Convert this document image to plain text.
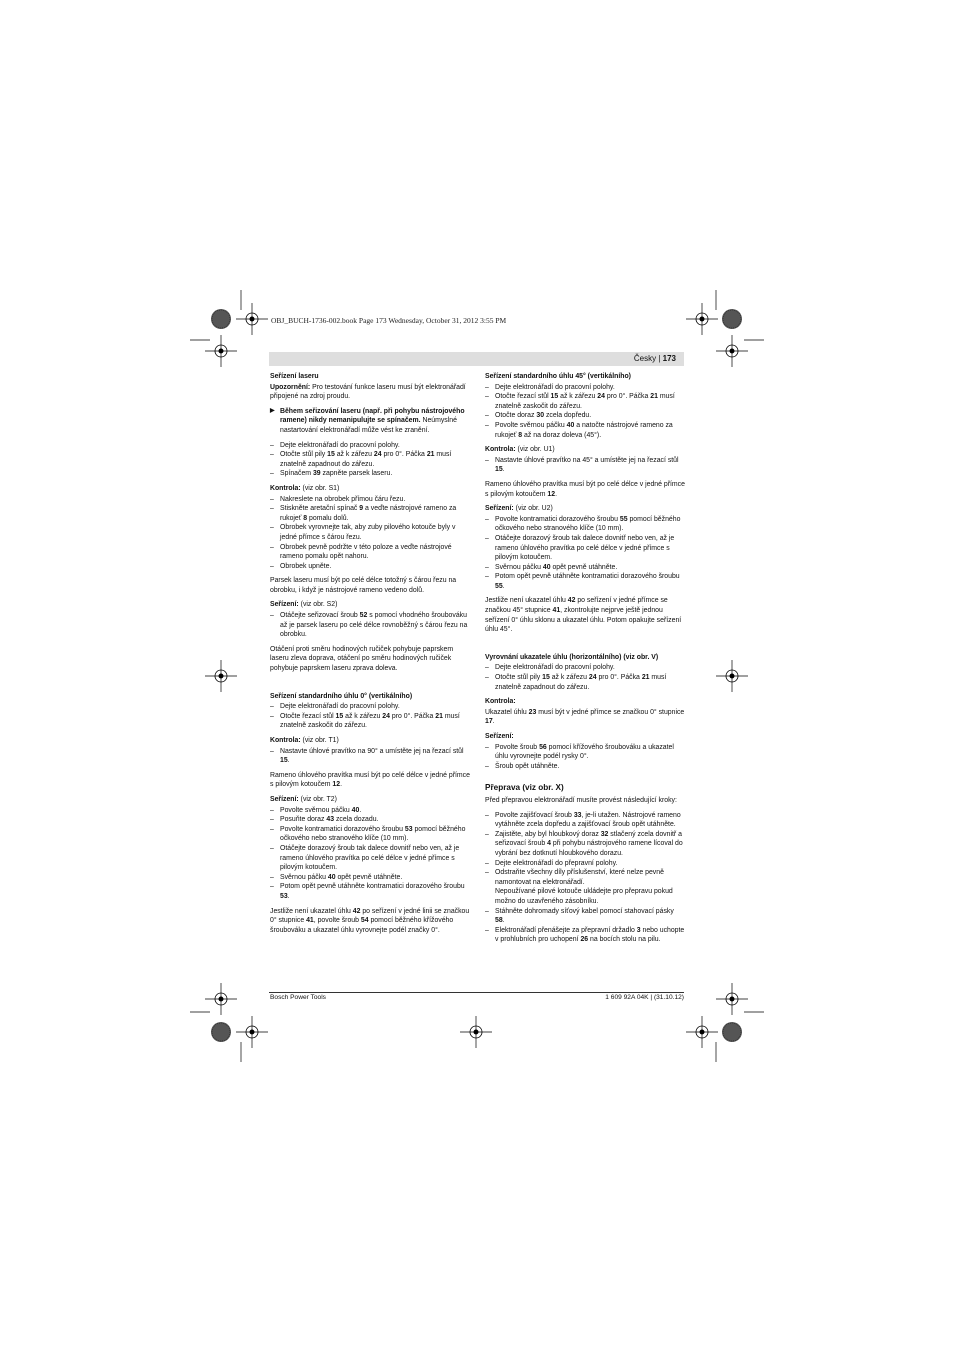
OBJ_BUCH-1736-002.book Page 173 Wednesday, October 31, 2012 3:55 PM
Česky | 173

Seřízení laseru

Upozornění: Pro testování funkce laseru musí být elektronářadí připojené na zdroj proudu.

▶ Během seřizování laseru (např. při pohybu nástrojového ramene) nikdy nemanipulujte se spínačem. Neúmyslné nastartování elektronářadí může vést ke zranění.
– Dejte elektronářadí do pracovní polohy.
– Otočte stůl pily 15 až k zářezu 24 pro 0°. Páčka 21 musí znatelně zapadnout do zářezu.
– Spínačem 39 zapněte parsek laseru.

Kontrola: (viz obr. S1)

– Nakreslete na obrobek přímou čáru řezu.
– Stiskněte aretační spínač 9 a veďte nástrojové rameno za rukojeť 8 pomalu dolů.
– Obrobek vyrovnejte tak, aby zuby pilového kotouče byly v jedné přímce s čárou řezu.
– Obrobek pevně podržte v této poloze a veďte nástrojové rameno pomalu opět nahoru.
– Obrobek upněte.

Parsek laseru musí být po celé délce totožný s čárou řezu na obrobku, i když je nástrojové rameno vedeno dolů.

Seřízení: (viz obr. S2)

– Otáčejte seřizovací šroub 52 s pomocí vhodného šroubováku až je parsek laseru po celé délce rovnoběžný s čárou řezu na obrobku.

Otáčení proti směru hodinových ručiček pohybuje paprskem laseru zleva doprava, otáčení po směru hodinových ručiček pohybuje paprskem laseru zprava doleva.

Seřízení standardního úhlu 0° (vertikálního)

– Dejte elektronářadí do pracovní polohy.
– Otočte řezací stůl 15 až k zářezu 24 pro 0°. Páčka 21 musí znatelně zaskočit do zářezu.

Kontrola: (viz obr. T1)

– Nastavte úhlové pravítko na 90° a umístěte jej na řezací stůl 15.

Rameno úhlového pravítka musí být po celé délce v jedné přímce s pilovým kotoučem 12.

Seřízení: (viz obr. T2)

– Povolte svěrnou páčku 40.
– Posuňte doraz 43 zcela dozadu.
– Povolte kontramatici dorazového šroubu 53 pomocí běžného očkového nebo stranového klíče (10 mm).
– Otáčejte dorazový šroub tak dalece dovnitř nebo ven, až je rameno úhlového pravítka po celé délce v jedné přímce s pilovým kotoučem.
– Svěrnou páčku 40 opět pevně utáhněte.
– Potom opět pevně utáhněte kontramatici dorazového šroubu 53.

Jestliže není ukazatel úhlu 42 po seřízení v jedné linii se značkou 0° stupnice 41, povolte šroub 54 pomocí běžného křížového šroubováku a ukazatel úhlu vyrovnejte podél značky 0°.

Seřízení standardního úhlu 45° (vertikálního)

– Dejte elektronářadí do pracovní polohy.
– Otočte řezací stůl 15 až k zářezu 24 pro 0°. Páčka 21 musí znatelně zaskočit do zářezu.
– Otočte doraz 30 zcela dopředu.
– Povolte svěrnou páčku 40 a natočte nástrojové rameno za rukojeť 8 až na doraz doleva (45°).

Kontrola: (viz obr. U1)

– Nastavte úhlové pravítko na 45° a umístěte jej na řezací stůl 15.

Rameno úhlového pravítka musí být po celé délce v jedné přímce s pilovým kotoučem 12.

Seřízení: (viz obr. U2)

– Povolte kontramatici dorazového šroubu 55 pomocí běžného očkového nebo stranového klíče (10 mm).
– Otáčejte dorazový šroub tak dalece dovnitř nebo ven, až je rameno úhlového pravítka po celé délce v jedné přímce s pilovým kotoučem.
– Svěrnou páčku 40 opět pevně utáhněte.
– Potom opět pevně utáhněte kontramatici dorazového šroubu 55.

Jestliže není ukazatel úhlu 42 po seřízení v jedné přímce se značkou 45° stupnice 41, zkontrolujte nejprve ještě jednou seřízení 0° úhlu sklonu a ukazatel úhlu. Potom opakujte seřízení úhlu 45°.

Vyrovnání ukazatele úhlu (horizontálního) (viz obr. V)

– Dejte elektronářadí do pracovní polohy.
– Otočte stůl pily 15 až k zářezu 24 pro 0°. Páčka 21 musí znatelně zapadnout do zářezu.

Kontrola:

Ukazatel úhlu 23 musí být v jedné přímce se značkou 0° stupnice 17.

Seřízení:

– Povolte šroub 56 pomocí křížového šroubováku a ukazatel úhlu vyrovnejte podél rysky 0°.
– Šroub opět utáhněte.

Přeprava (viz obr. X)

Před přepravou elektronářadí musíte provést následující kroky:

– Povolte zajišťovací šroub 33, je-li utažen. Nástrojové rameno vytáhněte zcela dopředu a zajišťovací šroub opět utáhněte.
– Zajistěte, aby byl hloubkový doraz 32 stlačený zcela dovnitř a seřizovací šroub 4 při pohybu nástrojového ramene lícoval do vybrání bez dotknutí hloubkového dorazu.
– Dejte elektronářadí do přepravní polohy.
– Odstraňte všechny díly příslušenství, které nelze pevně namontovat na elektronářadí.
Nepoužívané pilové kotouče ukládejte pro přepravu pokud možno do uzavřeného zásobníku.
– Stáhněte dohromady síťový kabel pomocí stahovací pásky 58.
– Elektronářadí přenášejte za přepravní držadlo 3 nebo uchopte v prohlubních pro uchopení 26 na bocích stolu na pilu.
Bosch Power Tools	1 609 92A 04K | (31.10.12)
